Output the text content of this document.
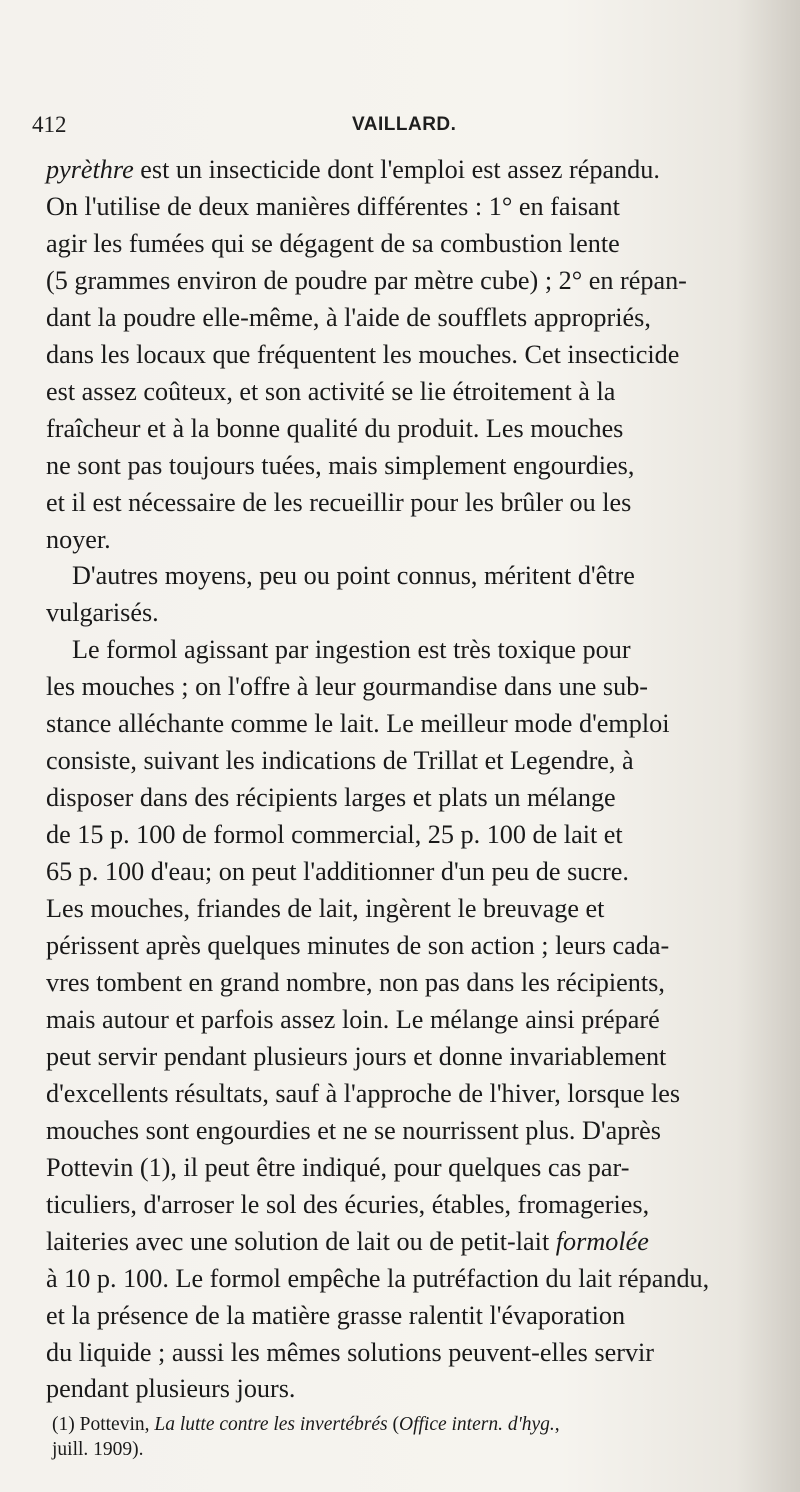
412	VAILLARD.

pyrèthre est un insecticide dont l'emploi est assez répandu.
On l'utilise de deux manières différentes : 1° en faisant
agir les fumées qui se dégagent de sa combustion lente
(5 grammes environ de poudre par mètre cube) ; 2° en répan-
dant la poudre elle-même, à l'aide de soufflets appropriés,
dans les locaux que fréquentent les mouches. Cet insecticide
est assez coûteux, et son activité se lie étroitement à la
fraîcheur et à la bonne qualité du produit. Les mouches
ne sont pas toujours tuées, mais simplement engourdies,
et il est nécessaire de les recueillir pour les brûler ou les
noyer.

D'autres moyens, peu ou point connus, méritent d'être
vulgarisés.

Le formol agissant par ingestion est très toxique pour
les mouches ; on l'offre à leur gourmandise dans une sub-
stance alléchante comme le lait. Le meilleur mode d'emploi
consiste, suivant les indications de Trillat et Legendre, à
disposer dans des récipients larges et plats un mélange
de 15 p. 100 de formol commercial, 25 p. 100 de lait et
65 p. 100 d'eau; on peut l'additionner d'un peu de sucre.
Les mouches, friandes de lait, ingèrent le breuvage et
périssent après quelques minutes de son action ; leurs cada-
vres tombent en grand nombre, non pas dans les récipients,
mais autour et parfois assez loin. Le mélange ainsi préparé
peut servir pendant plusieurs jours et donne invariablement
d'excellents résultats, sauf à l'approche de l'hiver, lorsque les
mouches sont engourdies et ne se nourrissent plus. D'après
Pottevin (1), il peut être indiqué, pour quelques cas par-
ticuliers, d'arroser le sol des écuries, étables, fromageries,
laiteries avec une solution de lait ou de petit-lait formolée
à 10 p. 100. Le formol empêche la putréfaction du lait répandu,
et la présence de la matière grasse ralentit l'évaporation
du liquide ; aussi les mêmes solutions peuvent-elles servir
pendant plusieurs jours.

(1) Pottevin, La lutte contre les invertébrés (Office intern. d'hyg.,
juill. 1909).
